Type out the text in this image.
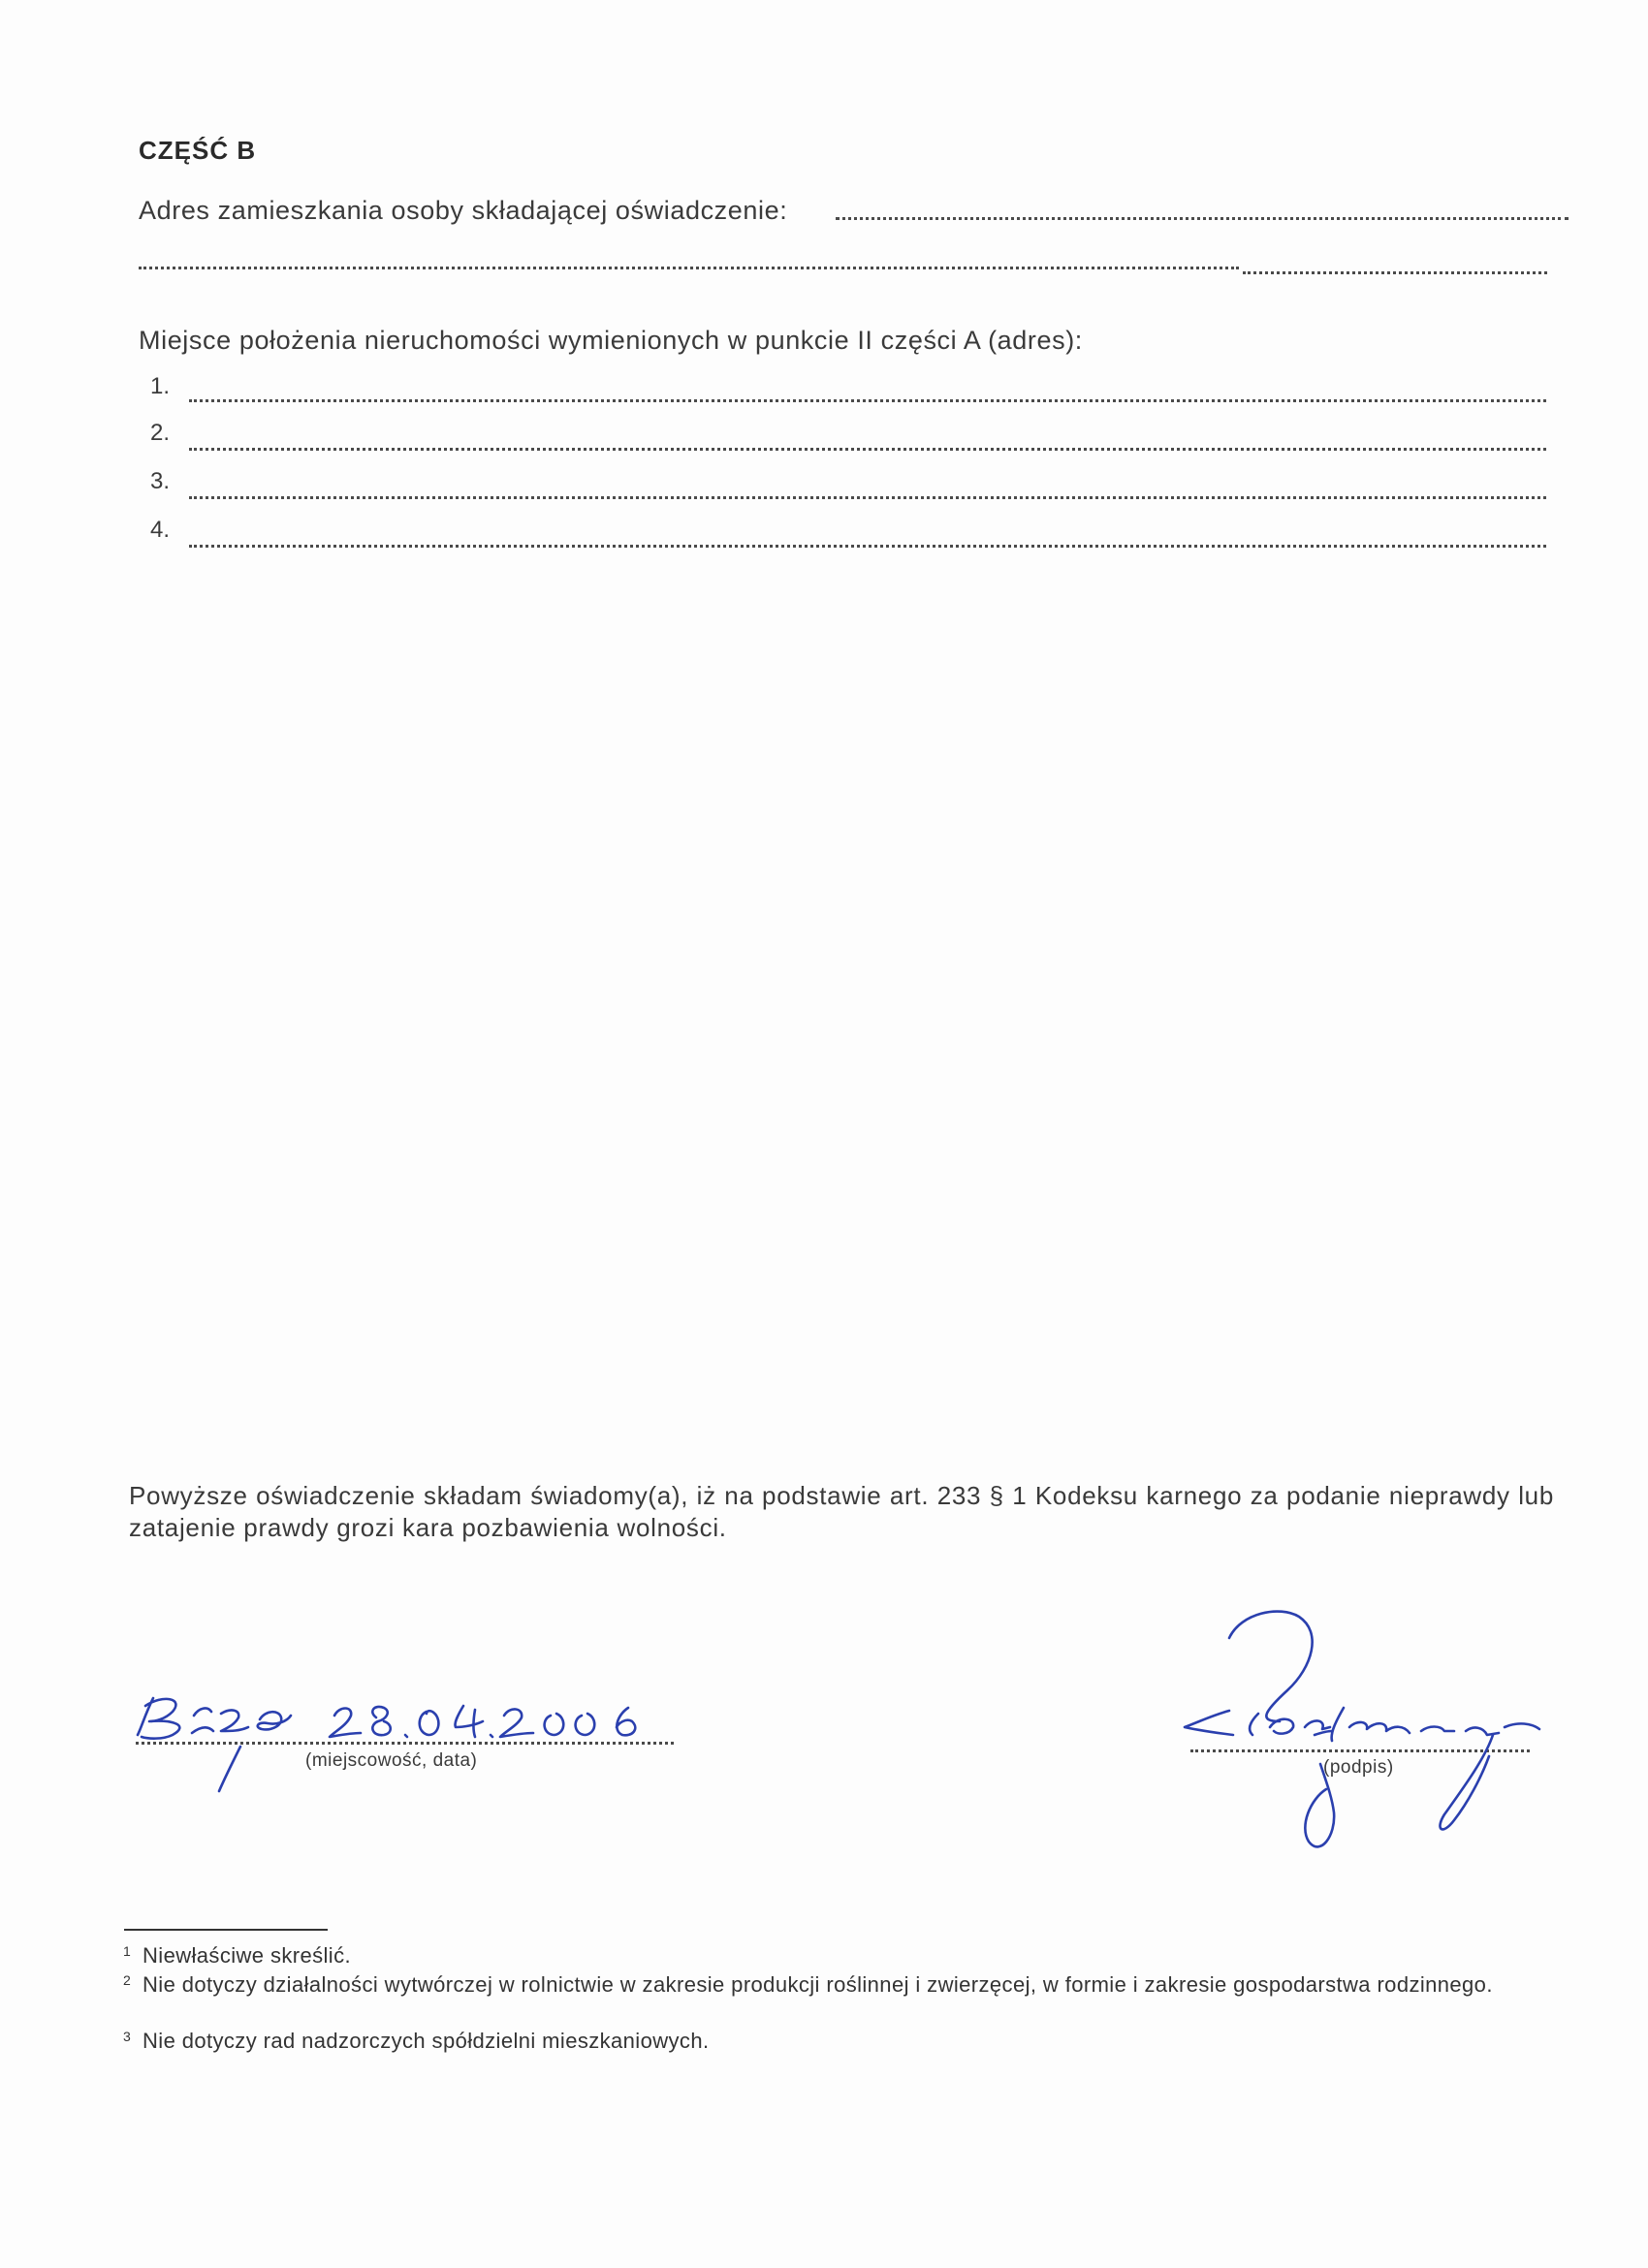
CZĘŚĆ B
Adres zamieszkania osoby składającej oświadczenie:
Miejsce położenia nieruchomości wymienionych w punkcie II części A (adres):
1.
2.
3.
4.
Powyższe oświadczenie składam świadomy(a), iż na podstawie art. 233 § 1 Kodeksu karnego za podanie nieprawdy lub zatajenie prawdy grozi kara pozbawienia wolności.
(miejscowość, data)	(podpis)
1 Niewłaściwe skreślić.
2 Nie dotyczy działalności wytwórczej w rolnictwie w zakresie produkcji roślinnej i zwierzęcej, w formie i zakresie gospodarstwa rodzinnego.
3 Nie dotyczy rad nadzorczych spółdzielni mieszkaniowych.
